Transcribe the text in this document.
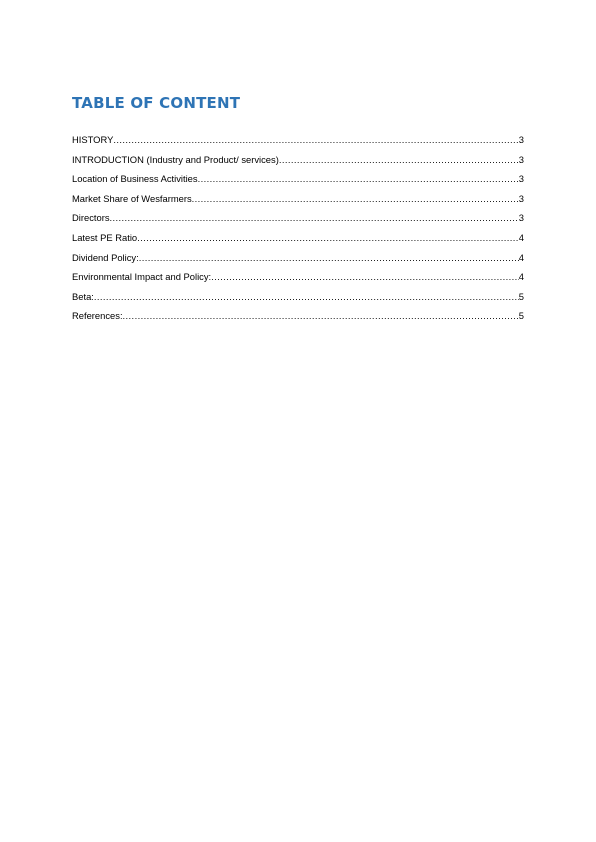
TABLE OF CONTENT
HISTORY .....	3
INTRODUCTION (Industry and Product/ services) .....	3
Location of Business Activities .....	3
Market Share of Wesfarmers .....	3
Directors .....	3
Latest PE Ratio .....	4
Dividend Policy: .....	4
Environmental Impact and Policy: .....	4
Beta: .....	5
References: .....	5
